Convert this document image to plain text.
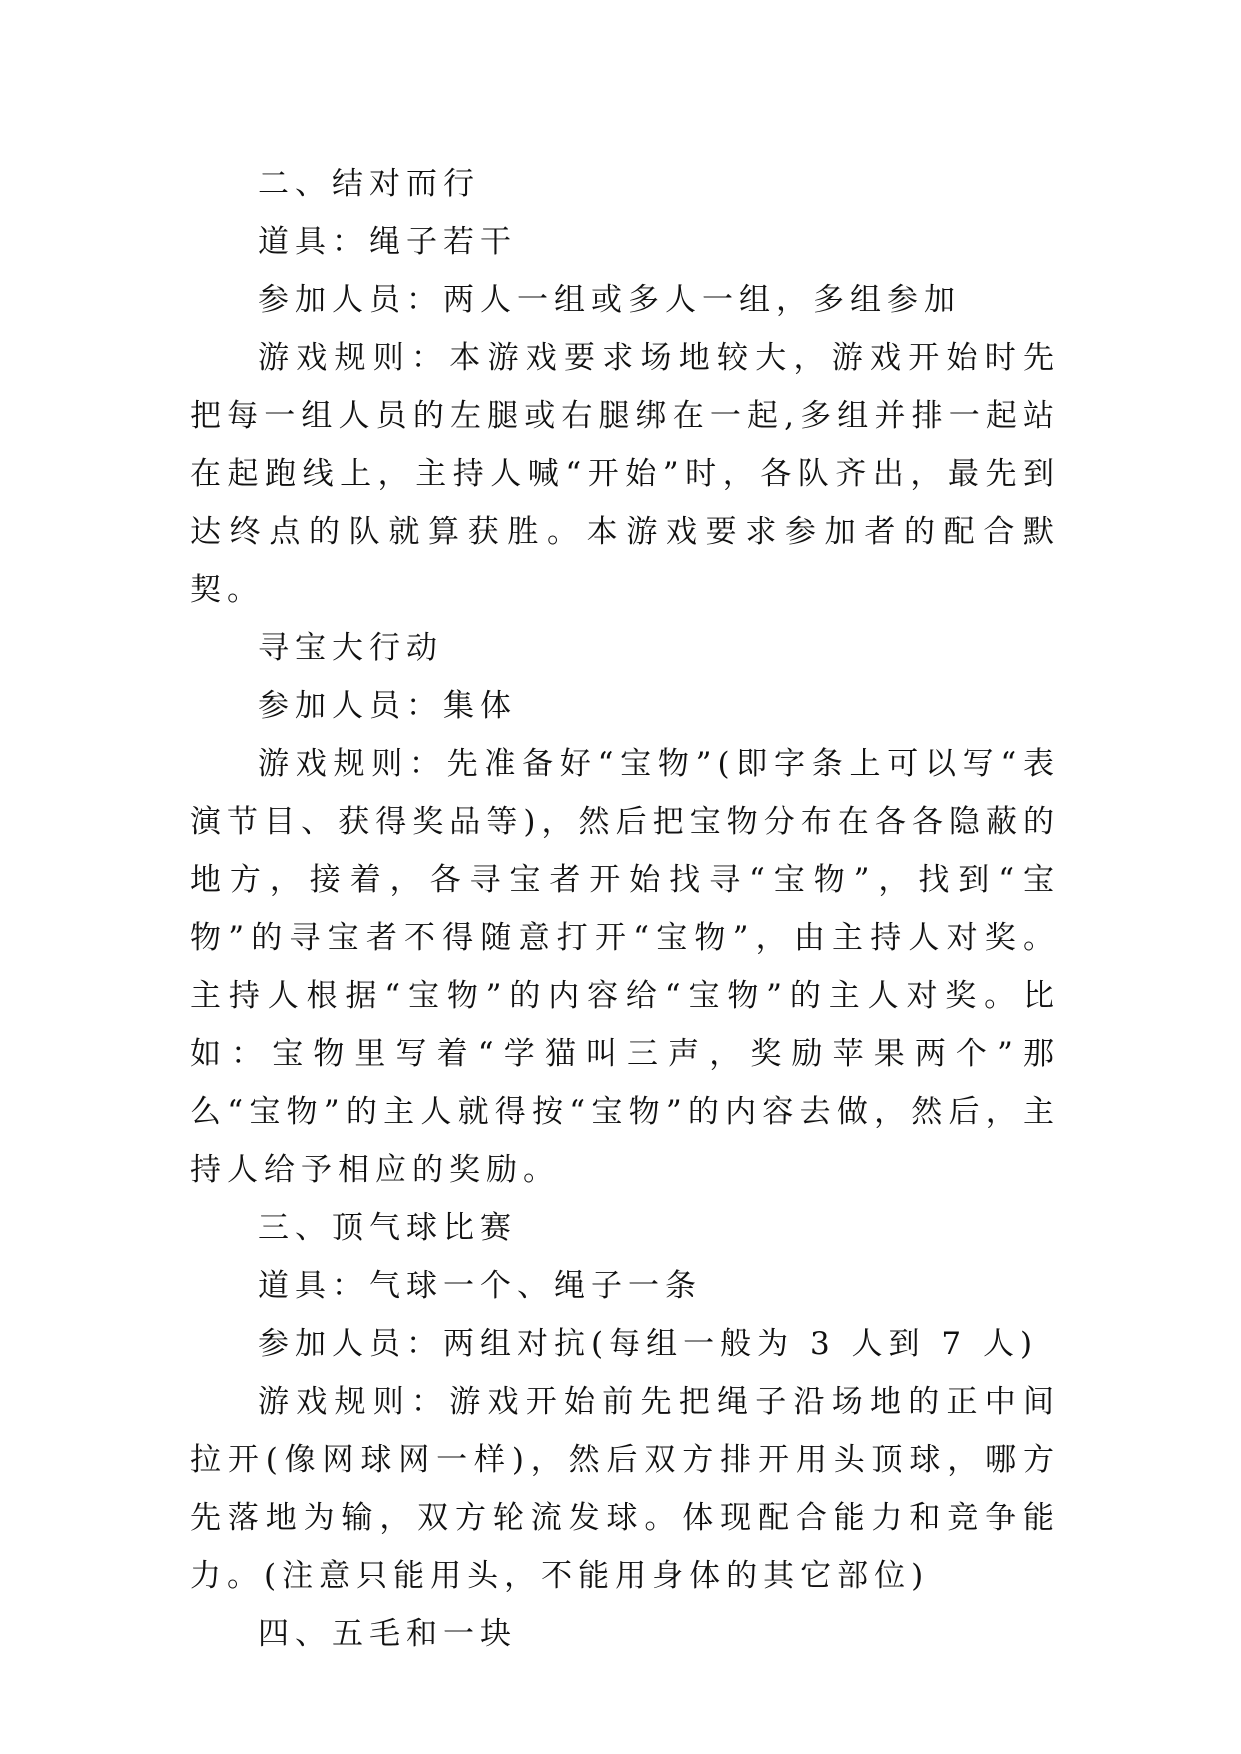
二、结对而行

道具：绳子若干

参加人员：两人一组或多人一组，多组参加

游戏规则：本游戏要求场地较大，游戏开始时先把每一组人员的左腿或右腿绑在一起,多组并排一起站在起跑线上，主持人喊“开始”时，各队齐出，最先到达终点的队就算获胜。本游戏要求参加者的配合默契。

寻宝大行动

参加人员：集体

游戏规则：先准备好“宝物”(即字条上可以写“表演节目、获得奖品等)，然后把宝物分布在各各隐蔽的地方，接着，各寻宝者开始找寻“宝物”，找到“宝物”的寻宝者不得随意打开“宝物”，由主持人对奖。主持人根据“宝物”的内容给“宝物”的主人对奖。比如：宝物里写着“学猫叫三声，奖励苹果两个”那么“宝物”的主人就得按“宝物”的内容去做，然后，主持人给予相应的奖励。

三、顶气球比赛

道具：气球一个、绳子一条

参加人员：两组对抗(每组一般为 3 人到 7 人)

游戏规则：游戏开始前先把绳子沿场地的正中间拉开(像网球网一样)，然后双方排开用头顶球，哪方先落地为输，双方轮流发球。体现配合能力和竞争能力。(注意只能用头，不能用身体的其它部位)

四、五毛和一块
